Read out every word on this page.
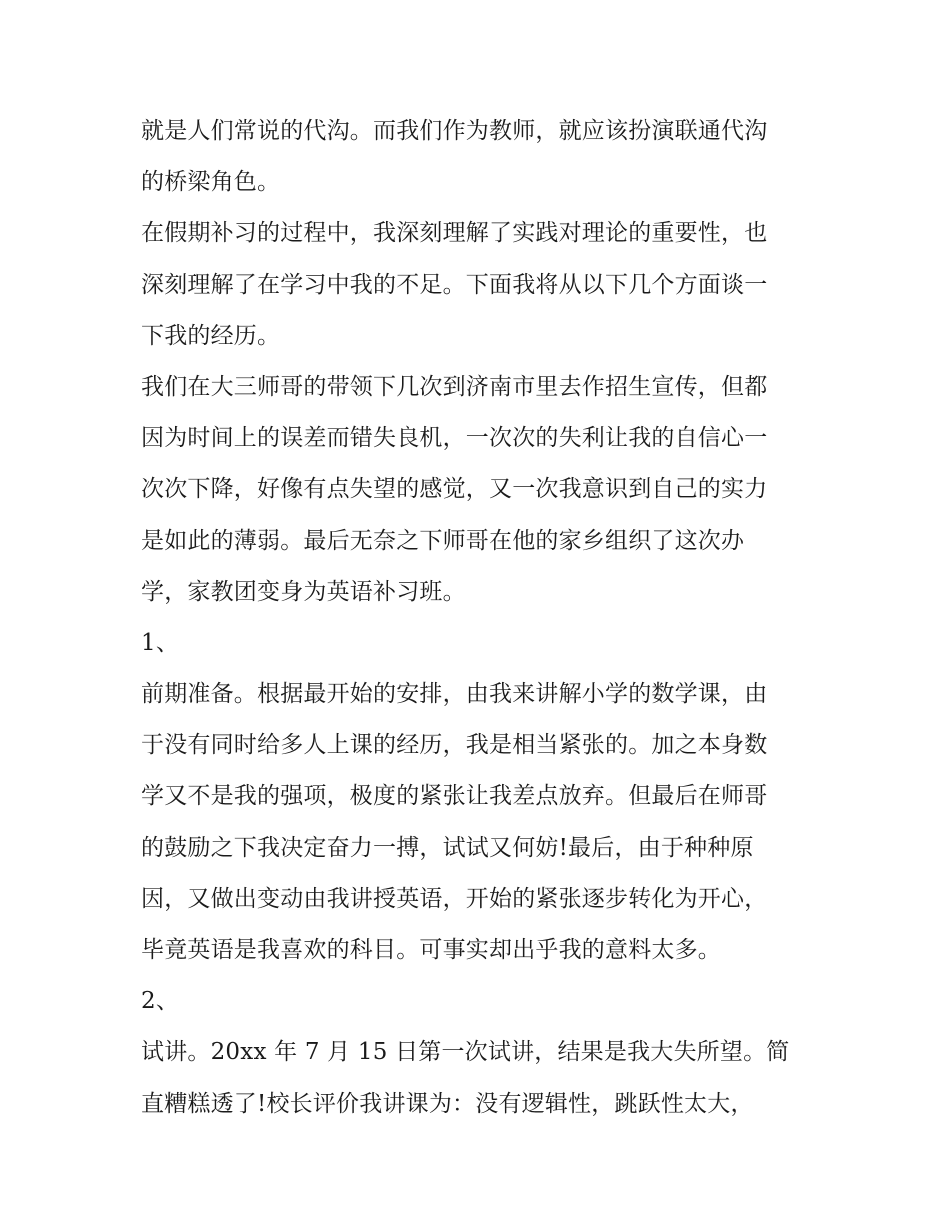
就是人们常说的代沟。而我们作为教师，就应该扮演联通代沟
的桥梁角色。
在假期补习的过程中，我深刻理解了实践对理论的重要性，也
深刻理解了在学习中我的不足。下面我将从以下几个方面谈一
下我的经历。
我们在大三师哥的带领下几次到济南市里去作招生宣传，但都
因为时间上的误差而错失良机，一次次的失利让我的自信心一
次次下降，好像有点失望的感觉，又一次我意识到自己的实力
是如此的薄弱。最后无奈之下师哥在他的家乡组织了这次办
学，家教团变身为英语补习班。
1、
前期准备。根据最开始的安排，由我来讲解小学的数学课，由
于没有同时给多人上课的经历，我是相当紧张的。加之本身数
学又不是我的强项，极度的紧张让我差点放弃。但最后在师哥
的鼓励之下我决定奋力一搏，试试又何妨!最后，由于种种原
因，又做出变动由我讲授英语，开始的紧张逐步转化为开心，
毕竟英语是我喜欢的科目。可事实却出乎我的意料太多。
2、
试讲。20xx 年 7 月 15 日第一次试讲，结果是我大失所望。简
直糟糕透了!校长评价我讲课为：没有逻辑性，跳跃性太大，
